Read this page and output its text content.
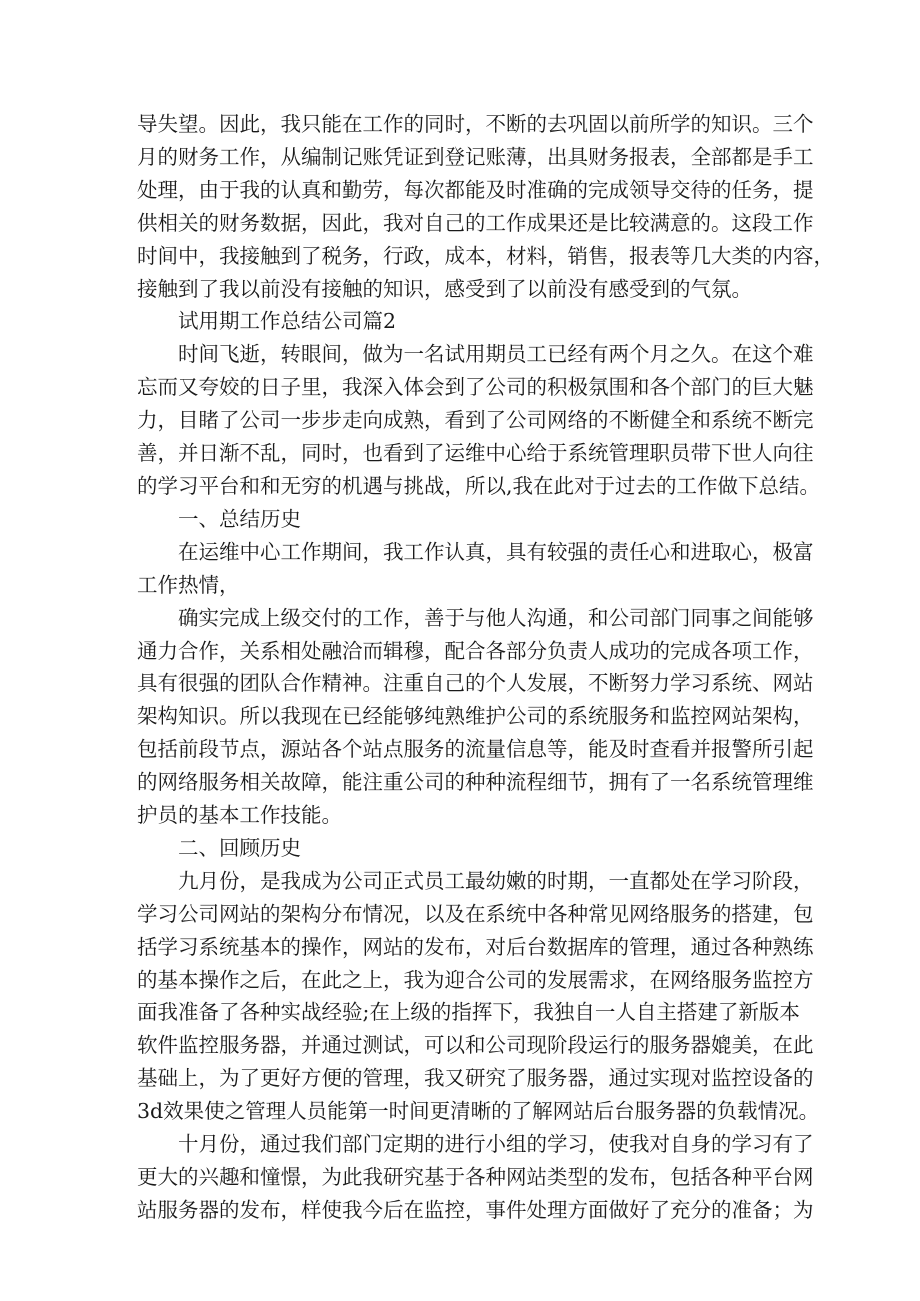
导失望。因此，我只能在工作的同时，不断的去巩固以前所学的知识。三个
月的财务工作，从编制记账凭证到登记账薄，出具财务报表，全部都是手工
处理，由于我的认真和勤劳，每次都能及时准确的完成领导交待的任务，提
供相关的财务数据，因此，我对自己的工作成果还是比较满意的。这段工作
时间中，我接触到了税务，行政，成本，材料，销售，报表等几大类的内容，
接触到了我以前没有接触的知识，感受到了以前没有感受到的气氛。

试用期工作总结公司篇2

时间飞逝，转眼间，做为一名试用期员工已经有两个月之久。在这个难
忘而又夸姣的日子里，我深入体会到了公司的积极氛围和各个部门的巨大魅
力，目睹了公司一步步走向成熟，看到了公司网络的不断健全和系统不断完
善，并日渐不乱，同时，也看到了运维中心给于系统管理职员带下世人向往
的学习平台和和无穷的机遇与挑战，所以,我在此对于过去的工作做下总结。

一、总结历史

在运维中心工作期间，我工作认真，具有较强的责任心和进取心，极富
工作热情，

确实完成上级交付的工作，善于与他人沟通，和公司部门同事之间能够
通力合作，关系相处融洽而辑穆，配合各部分负责人成功的完成各项工作，
具有很强的团队合作精神。注重自己的个人发展，不断努力学习系统、网站
架构知识。所以我现在已经能够纯熟维护公司的系统服务和监控网站架构，
包括前段节点，源站各个站点服务的流量信息等，能及时查看并报警所引起
的网络服务相关故障，能注重公司的种种流程细节，拥有了一名系统管理维
护员的基本工作技能。

二、回顾历史

九月份，是我成为公司正式员工最幼嫩的时期，一直都处在学习阶段，
学习公司网站的架构分布情况，以及在系统中各种常见网络服务的搭建，包
括学习系统基本的操作，网站的发布，对后台数据库的管理，通过各种熟练
的基本操作之后，在此之上，我为迎合公司的发展需求，在网络服务监控方
面我准备了各种实战经验;在上级的指挥下，我独自一人自主搭建了新版本
软件监控服务器，并通过测试，可以和公司现阶段运行的服务器媲美，在此
基础上，为了更好方便的管理，我又研究了服务器，通过实现对监控设备的
3d效果使之管理人员能第一时间更清晰的了解网站后台服务器的负载情况。

十月份，通过我们部门定期的进行小组的学习，使我对自身的学习有了
更大的兴趣和憧憬，为此我研究基于各种网站类型的发布，包括各种平台网
站服务器的发布，样使我今后在监控，事件处理方面做好了充分的准备；为
